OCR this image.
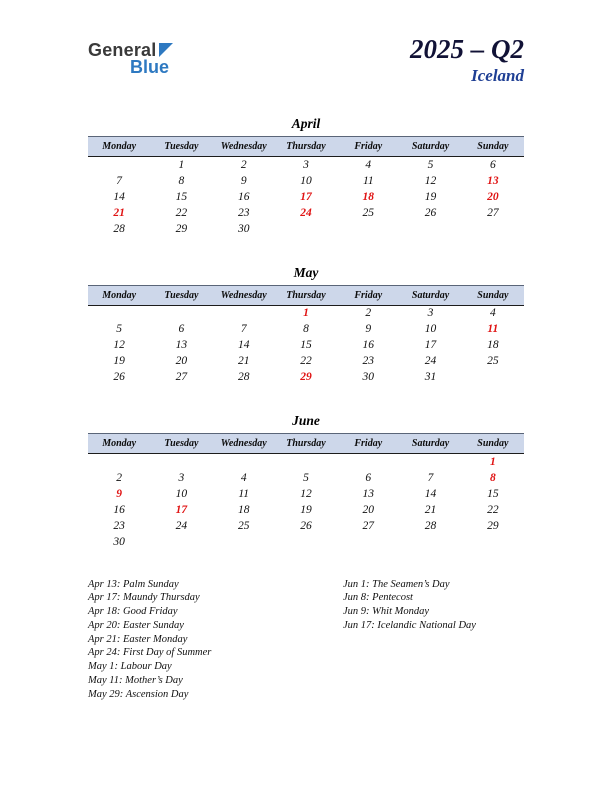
General
Blue
2025 – Q2
Iceland
April
Monday	Tuesday	Wednesday	Thursday	Friday	Saturday	Sunday
	1	2	3	4	5	6
7	8	9	10	11	12	13
14	15	16	17	18	19	20
21	22	23	24	25	26	27
28	29	30				
May
Monday	Tuesday	Wednesday	Thursday	Friday	Saturday	Sunday
			1	2	3	4
5	6	7	8	9	10	11
12	13	14	15	16	17	18
19	20	21	22	23	24	25
26	27	28	29	30	31	
June
Monday	Tuesday	Wednesday	Thursday	Friday	Saturday	Sunday
						1
2	3	4	5	6	7	8
9	10	11	12	13	14	15
16	17	18	19	20	21	22
23	24	25	26	27	28	29
30						
Apr 13: Palm Sunday
Apr 17: Maundy Thursday
Apr 18: Good Friday
Apr 20: Easter Sunday
Apr 21: Easter Monday
Apr 24: First Day of Summer
May 1: Labour Day
May 11: Mother’s Day
May 29: Ascension Day
Jun 1: The Seamen’s Day
Jun 8: Pentecost
Jun 9: Whit Monday
Jun 17: Icelandic National Day
